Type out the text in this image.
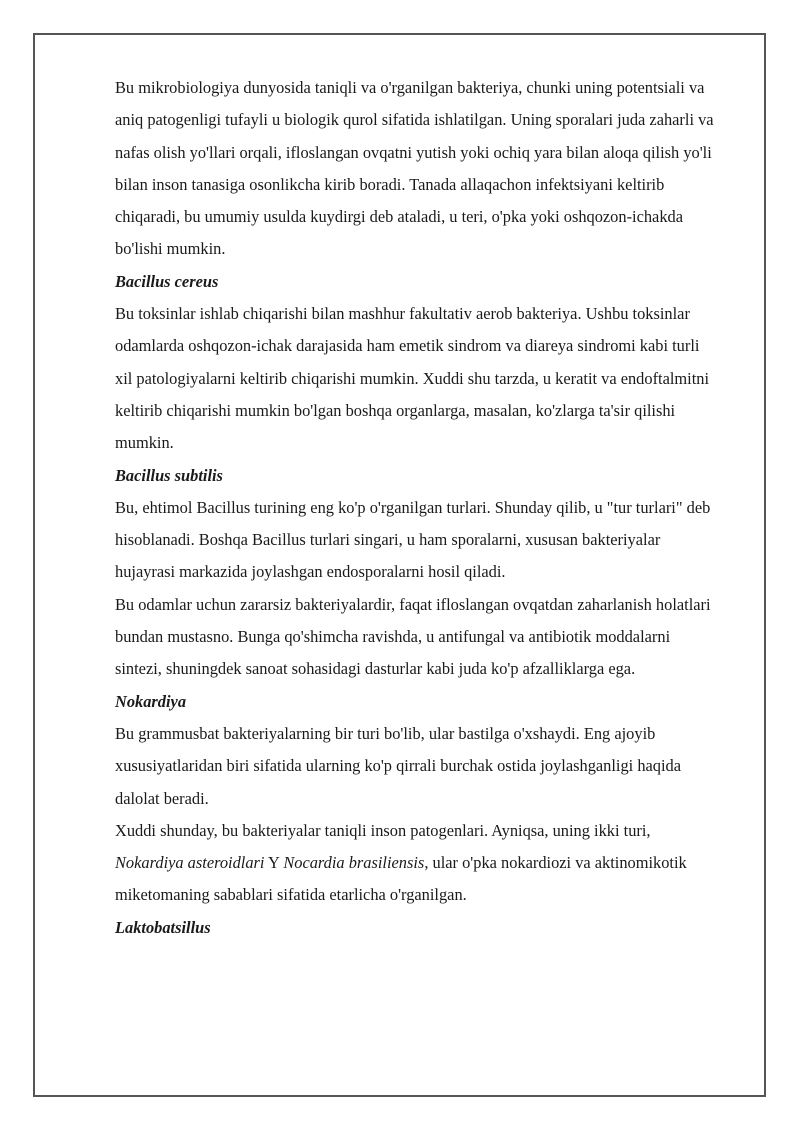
Bu mikrobiologiya dunyosida taniqli va o'rganilgan bakteriya, chunki uning potentsiali va aniq patogenligi tufayli u biologik qurol sifatida ishlatilgan. Uning sporalari juda zaharli va nafas olish yo'llari orqali, ifloslangan ovqatni yutish yoki ochiq yara bilan aloqa qilish yo'li bilan inson tanasiga osonlikcha kirib boradi. Tanada allaqachon infektsiyani keltirib chiqaradi, bu umumiy usulda kuydirgi deb ataladi, u teri, o'pka yoki oshqozon-ichakda bo'lishi mumkin.

Bacillus cereus

Bu toksinlar ishlab chiqarishi bilan mashhur fakultativ aerob bakteriya. Ushbu toksinlar odamlarda oshqozon-ichak darajasida ham emetik sindrom va diareya sindromi kabi turli xil patologiyalarni keltirib chiqarishi mumkin. Xuddi shu tarzda, u keratit va endoftalmitni keltirib chiqarishi mumkin bo'lgan boshqa organlarga, masalan, ko'zlarga ta'sir qilishi mumkin.

Bacillus subtilis

Bu, ehtimol Bacillus turining eng ko'p o'rganilgan turlari. Shunday qilib, u "tur turlari" deb hisoblanadi. Boshqa Bacillus turlari singari, u ham sporalarni, xususan bakteriyalar hujayrasi markazida joylashgan endosporalarni hosil qiladi.

Bu odamlar uchun zararsiz bakteriyalardir, faqat ifloslangan ovqatdan zaharlanish holatlari bundan mustasno. Bunga qo'shimcha ravishda, u antifungal va antibiotik moddalarni sintezi, shuningdek sanoat sohasidagi dasturlar kabi juda ko'p afzalliklarga ega.

Nokardiya

Bu grammusbat bakteriyalarning bir turi bo'lib, ular bastilga o'xshaydi. Eng ajoyib xususiyatlaridan biri sifatida ularning ko'p qirrali burchak ostida joylashganligi haqida dalolat beradi.

Xuddi shunday, bu bakteriyalar taniqli inson patogenlari. Ayniqsa, uning ikki turi, Nokardiya asteroidlari Y Nocardia brasiliensis, ular o'pka nokardiozi va aktinomikotik miketomaning sabablari sifatida etarlicha o'rganilgan.

Laktobatsillus
